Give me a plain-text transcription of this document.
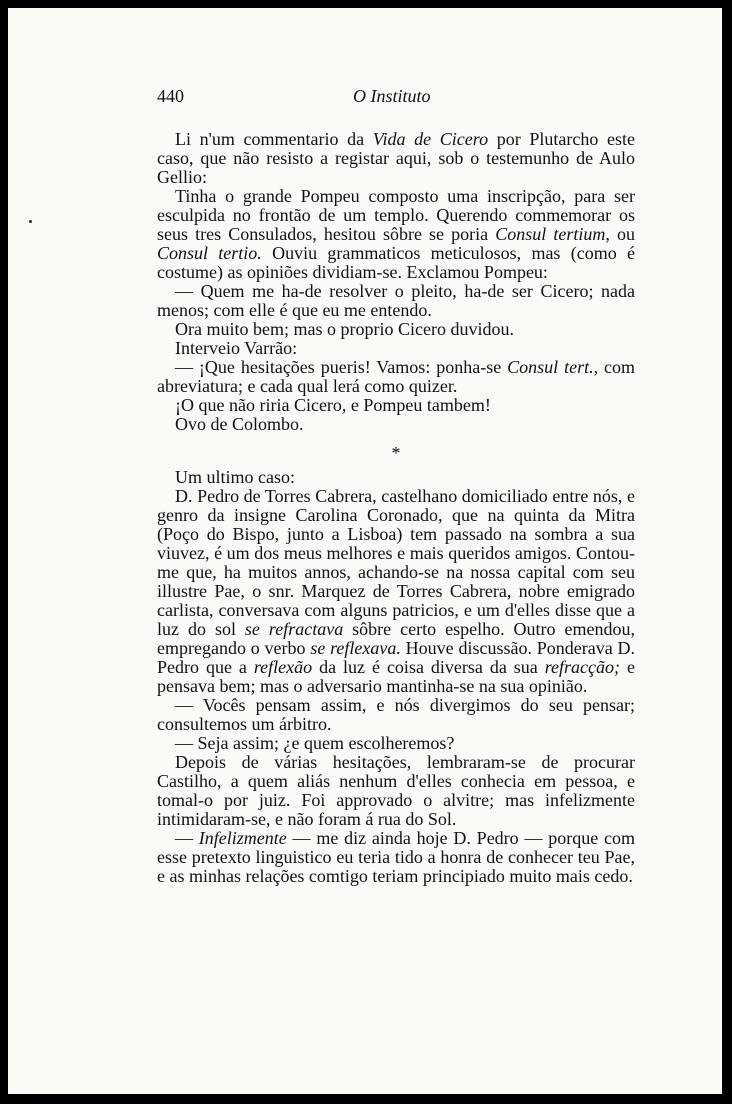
440	O Instituto

Li n'um commentario da Vida de Cicero por Plutarcho este caso, que não resisto a registar aqui, sob o testemunho de Aulo Gellio:

Tinha o grande Pompeu composto uma inscripção, para ser esculpida no frontão de um templo. Querendo commemorar os seus tres Consulados, hesitou sôbre se poria Consul tertium, ou Consul tertio. Ouviu grammaticos meticulosos, mas (como é costume) as opiniões dividiam-se. Exclamou Pompeu:

— Quem me ha-de resolver o pleito, ha-de ser Cicero; nada menos; com elle é que eu me entendo.

Ora muito bem; mas o proprio Cicero duvidou.

Interveio Varrão:

— ¡Que hesitações pueris! Vamos: ponha-se Consul tert., com abreviatura; e cada qual lerá como quizer.

¡O que não riria Cicero, e Pompeu tambem!

Ovo de Colombo.

*

Um ultimo caso:

D. Pedro de Torres Cabrera, castelhano domiciliado entre nós, e genro da insigne Carolina Coronado, que na quinta da Mitra (Poço do Bispo, junto a Lisboa) tem passado na sombra a sua viuvez, é um dos meus melhores e mais queridos amigos. Contou-me que, ha muitos annos, achando-se na nossa capital com seu illustre Pae, o snr. Marquez de Torres Cabrera, nobre emigrado carlista, conversava com alguns patricios, e um d'elles disse que a luz do sol se refractava sôbre certo espelho. Outro emendou, empregando o verbo se reflexava. Houve discussão. Ponderava D. Pedro que a reflexão da luz é coisa diversa da sua refracção; e pensava bem; mas o adversario mantinha-se na sua opinião.

— Vocês pensam assim, e nós divergimos do seu pensar; consultemos um árbitro.

— Seja assim; ¿e quem escolheremos?

Depois de várias hesitações, lembraram-se de procurar Castilho, a quem aliás nenhum d'elles conhecia em pessoa, e tomal-o por juiz. Foi approvado o alvitre; mas infelizmente intimidaram-se, e não foram á rua do Sol.

— Infelizmente — me diz ainda hoje D. Pedro — porque com esse pretexto linguistico eu teria tido a honra de conhecer teu Pae, e as minhas relações comtigo teriam principiado muito mais cedo.
